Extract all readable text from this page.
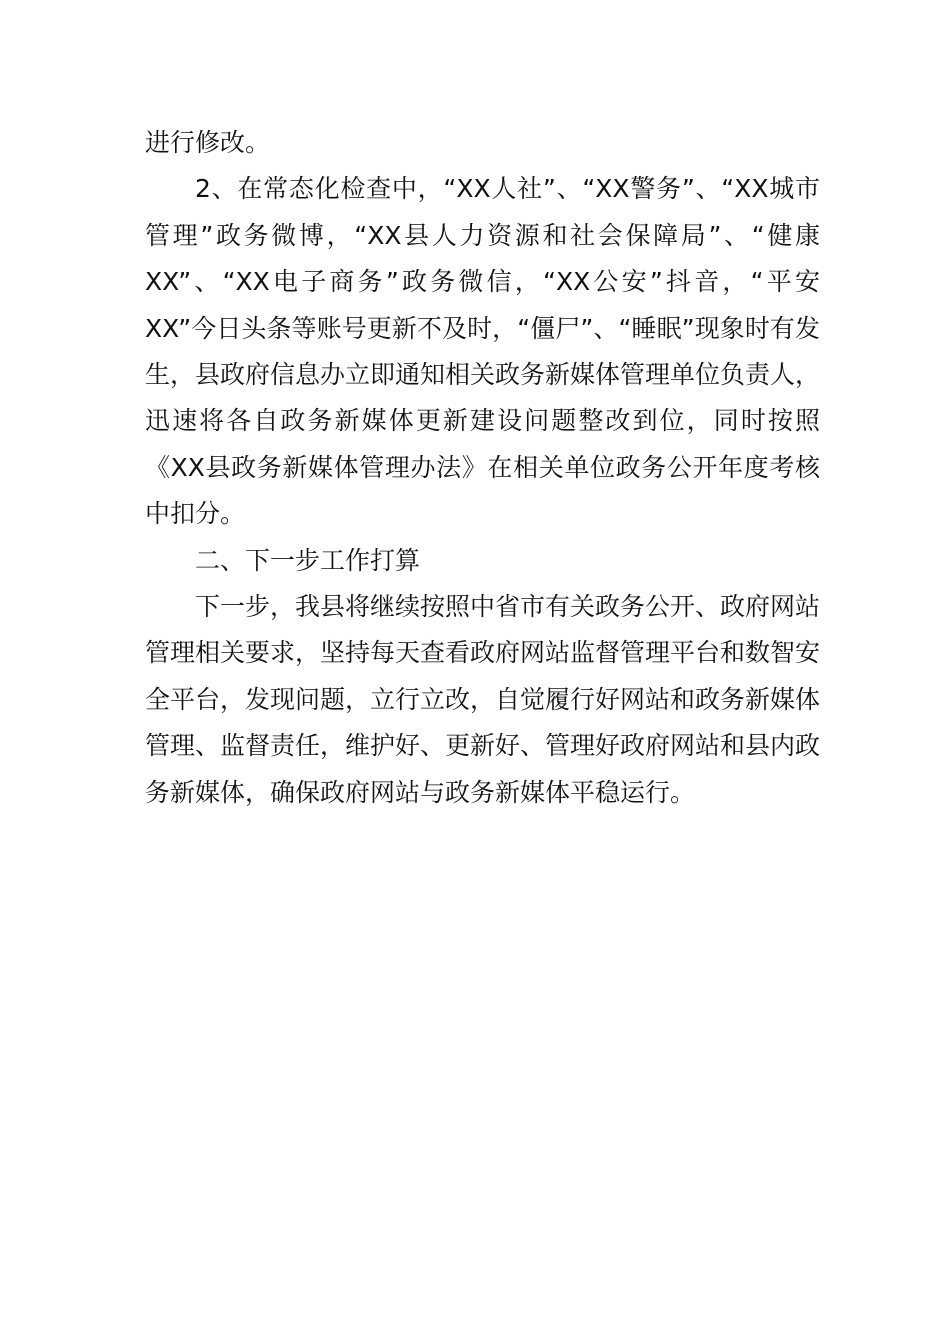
进行修改。

2、在常态化检查中，“XX人社”、“XX警务”、“XX城市管理”政务微博，“XX县人力资源和社会保障局”、“健康XX”、“XX电子商务”政务微信，“XX公安”抖音，“平安XX”今日头条等账号更新不及时，“僵尸”、“睡眠”现象时有发生，县政府信息办立即通知相关政务新媒体管理单位负责人，迅速将各自政务新媒体更新建设问题整改到位，同时按照《XX县政务新媒体管理办法》在相关单位政务公开年度考核中扣分。

二、下一步工作打算

下一步，我县将继续按照中省市有关政务公开、政府网站管理相关要求，坚持每天查看政府网站监督管理平台和数智安全平台，发现问题，立行立改，自觉履行好网站和政务新媒体管理、监督责任，维护好、更新好、管理好政府网站和县内政务新媒体，确保政府网站与政务新媒体平稳运行。
